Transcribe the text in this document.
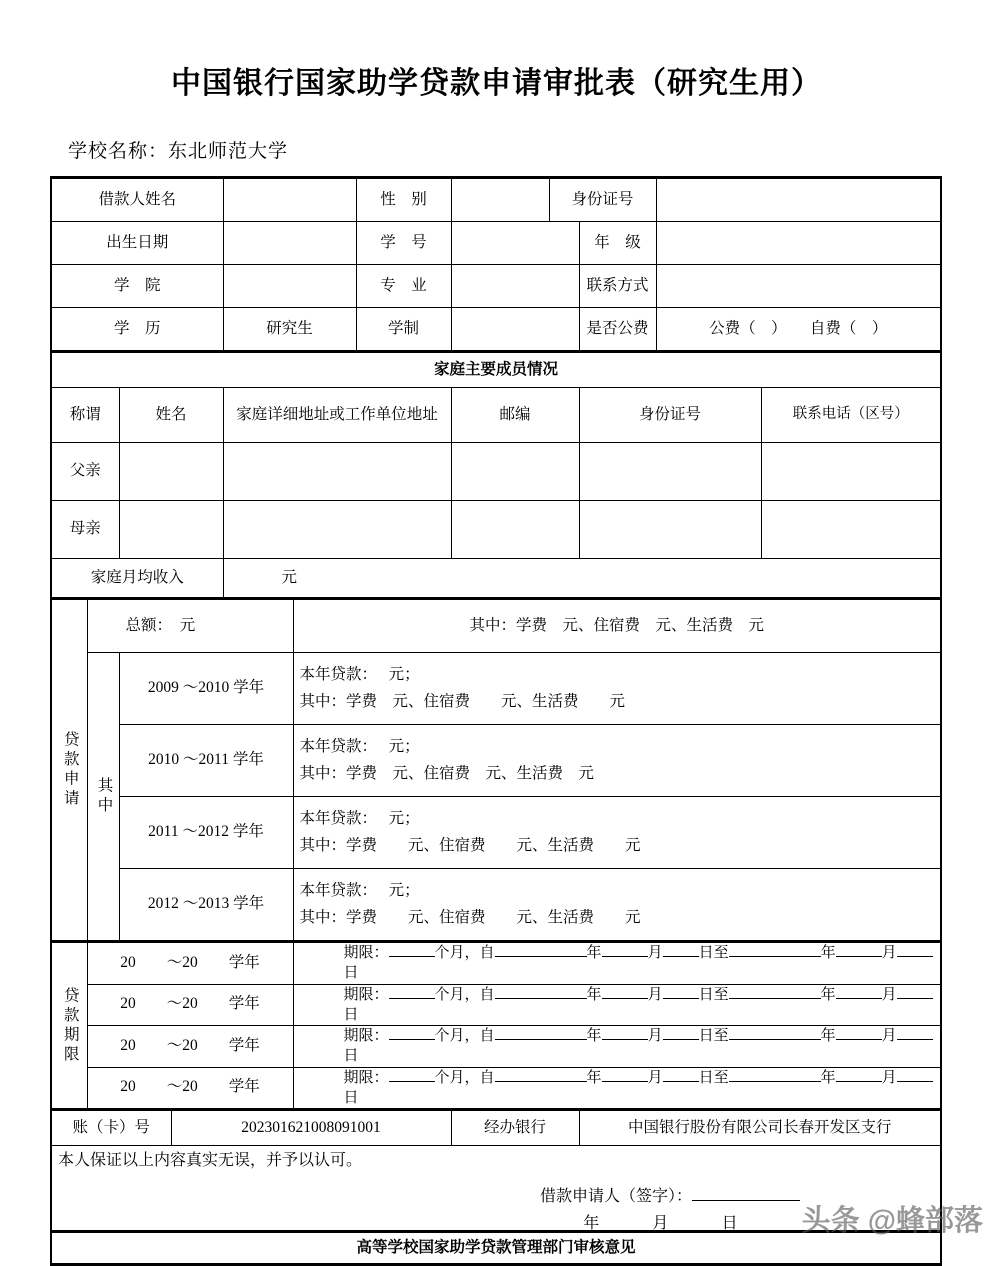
中国银行国家助学贷款申请审批表（研究生用）
学校名称：东北师范大学
借款人姓名						性　别		身份证号			
出生日期						学　号			年　级		
学　院						专　业			联系方式		
学　历				研究生		学制			是否公费	公费（　）　　自费（　）	
家庭主要成员情况											
称谓		姓名		家庭详细地址或工作单位地址			邮编		身份证号		联系电话（区号）
父亲											
母亲											
家庭月均收入				元							
贷款申请	总额：　元				其中：学费　元、住宿费　元、生活费　元						
	其中	2009 ～2010 学年			本年贷款：　 元；
其中：学费　元、住宿费　　元、生活费　　元						

		2010 ～2011 学年			本年贷款：　 元；
其中：学费　元、住宿费　元、生活费　元						

		2011 ～2012 学年			本年贷款：　 元；
其中：学费　　元、住宿费　　元、生活费　　元						

		2012 ～2013 学年			本年贷款：　 元；
其中：学费　　元、住宿费　　元、生活费　　元						

贷款期限	20　　～20　　学年				期限： 个月，自 年 月 日至 年 月日						
	20　　～20　　学年				期限： 个月，自 年 月 日至 年 月日						
	20　　～20　　学年				期限： 个月，自 年 月 日至 年 月日						
	20　　～20　　学年				期限： 个月，自 年 月 日至 年 月日						
账（卡）号			202301621008091001				经办银行		中国银行股份有限公司长春开发区支行		

本人保证以上内容真实无误，并予以认可。
借款申请人（签字）：
年 月 日											

高等学校国家助学贷款管理部门审核意见											
头条 @蜂部落
